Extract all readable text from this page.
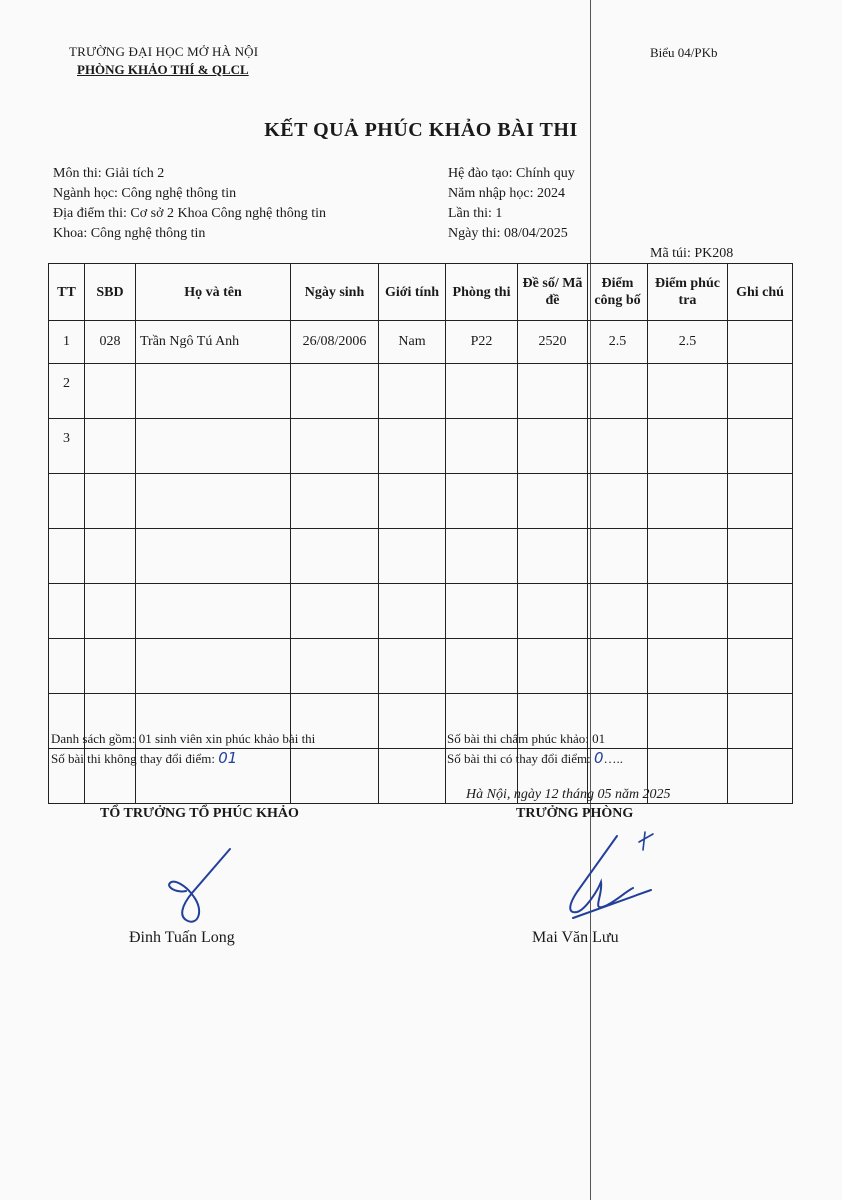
TRƯỜNG ĐẠI HỌC MỞ HÀ NỘI
PHÒNG KHẢO THÍ & QLCL
Biểu 04/PKb
KẾT QUẢ PHÚC KHẢO BÀI THI
Môn thi: Giải tích 2
Ngành học: Công nghệ thông tin
Địa điểm thi: Cơ sở 2 Khoa Công nghệ thông tin
Khoa: Công nghệ thông tin
Hệ đào tạo: Chính quy
Năm nhập học: 2024
Lần thi: 1
Ngày thi: 08/04/2025
Mã túi: PK208
TT	SBD	Họ và tên	Ngày sinh	Giới tính	Phòng thi	Đề số/ Mã đề	Điểm công bố	Điểm phúc tra	Ghi chú
1	028	Trần Ngô Tú Anh	26/08/2006	Nam	P22	2520	2.5	2.5	
2									
3									

Danh sách gồm: 01 sinh viên xin phúc khảo bài thi
Số bài thi không thay đổi điểm: 01
Số bài thi chấm phúc khảo: 01
Số bài thi có thay đổi điểm: 0…..
Hà Nội, ngày 12 tháng 05 năm 2025
TỔ TRƯỞNG TỔ PHÚC KHẢO	TRƯỞNG PHÒNG
Đinh Tuấn Long	Mai Văn Lưu
